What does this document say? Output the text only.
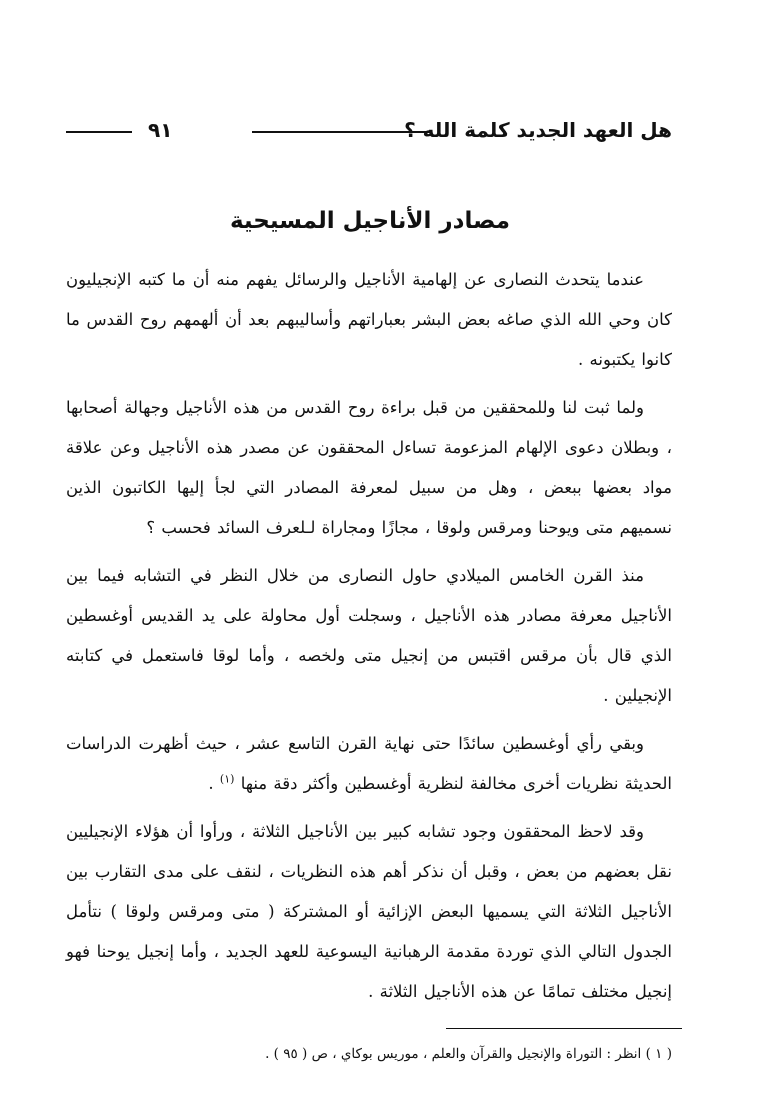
هل العهد الجديد كلمة الله ؟
٩١
مصادر الأناجيل المسيحية

عندما يتحدث النصارى عن إلهامية الأناجيل والرسائل يفهم منه أن ما كتبه الإنجيليون كان وحي الله الذي صاغه بعض البشر بعباراتهم وأساليبهم بعد أن ألهمهم روح القدس ما كانوا يكتبونه .

ولما ثبت لنا وللمحققين من قبل براءة روح القدس من هذه الأناجيل وجهالة أصحابها ، وبطلان دعوى الإلهام المزعومة تساءل المحققون عن مصدر هذه الأناجيل وعن علاقة مواد بعضها ببعض ، وهل من سبيل لمعرفة المصادر التي لجأ إليها الكاتبون الذين نسميهم متى ويوحنا ومرقس ولوقا ، مجازًا ومجاراة لـلعرف السائد فحسب ؟

منذ القرن الخامس الميلادي حاول النصارى من خلال النظر في التشابه فيما بين الأناجيل معرفة مصادر هذه الأناجيل ، وسجلت أول محاولة على يد القديس أوغسطين الذي قال بأن مرقس اقتبس من إنجيل متى ولخصه ، وأما لوقا فاستعمل في كتابته الإنجيلين .

وبقي رأي أوغسطين سائدًا حتى نهاية القرن التاسع عشر ، حيث أظهرت الدراسات الحديثة نظريات أخرى مخالفة لنظرية أوغسطين وأكثر دقة منها $^{(١)}$ .

وقد لاحظ المحققون وجود تشابه كبير بين الأناجيل الثلاثة ، ورأوا أن هؤلاء الإنجيليين نقل بعضهم من بعض ، وقبل أن نذكر أهم هذه النظريات ، لنقف على مدى التقارب بين الأناجيل الثلاثة التي يسميها البعض الإزائية أو المشتركة ( متى ومرقس ولوقا ) نتأمل الجدول التالي الذي توردة مقدمة الرهبانية اليسوعية للعهد الجديد ، وأما إنجيل يوحنا فهو إنجيل مختلف تمامًا عن هذه الأناجيل الثلاثة .

( ١ ) انظر : التوراة والإنجيل والقرآن والعلم ، موريس بوكاي ، ص ( ٩٥ ) .
